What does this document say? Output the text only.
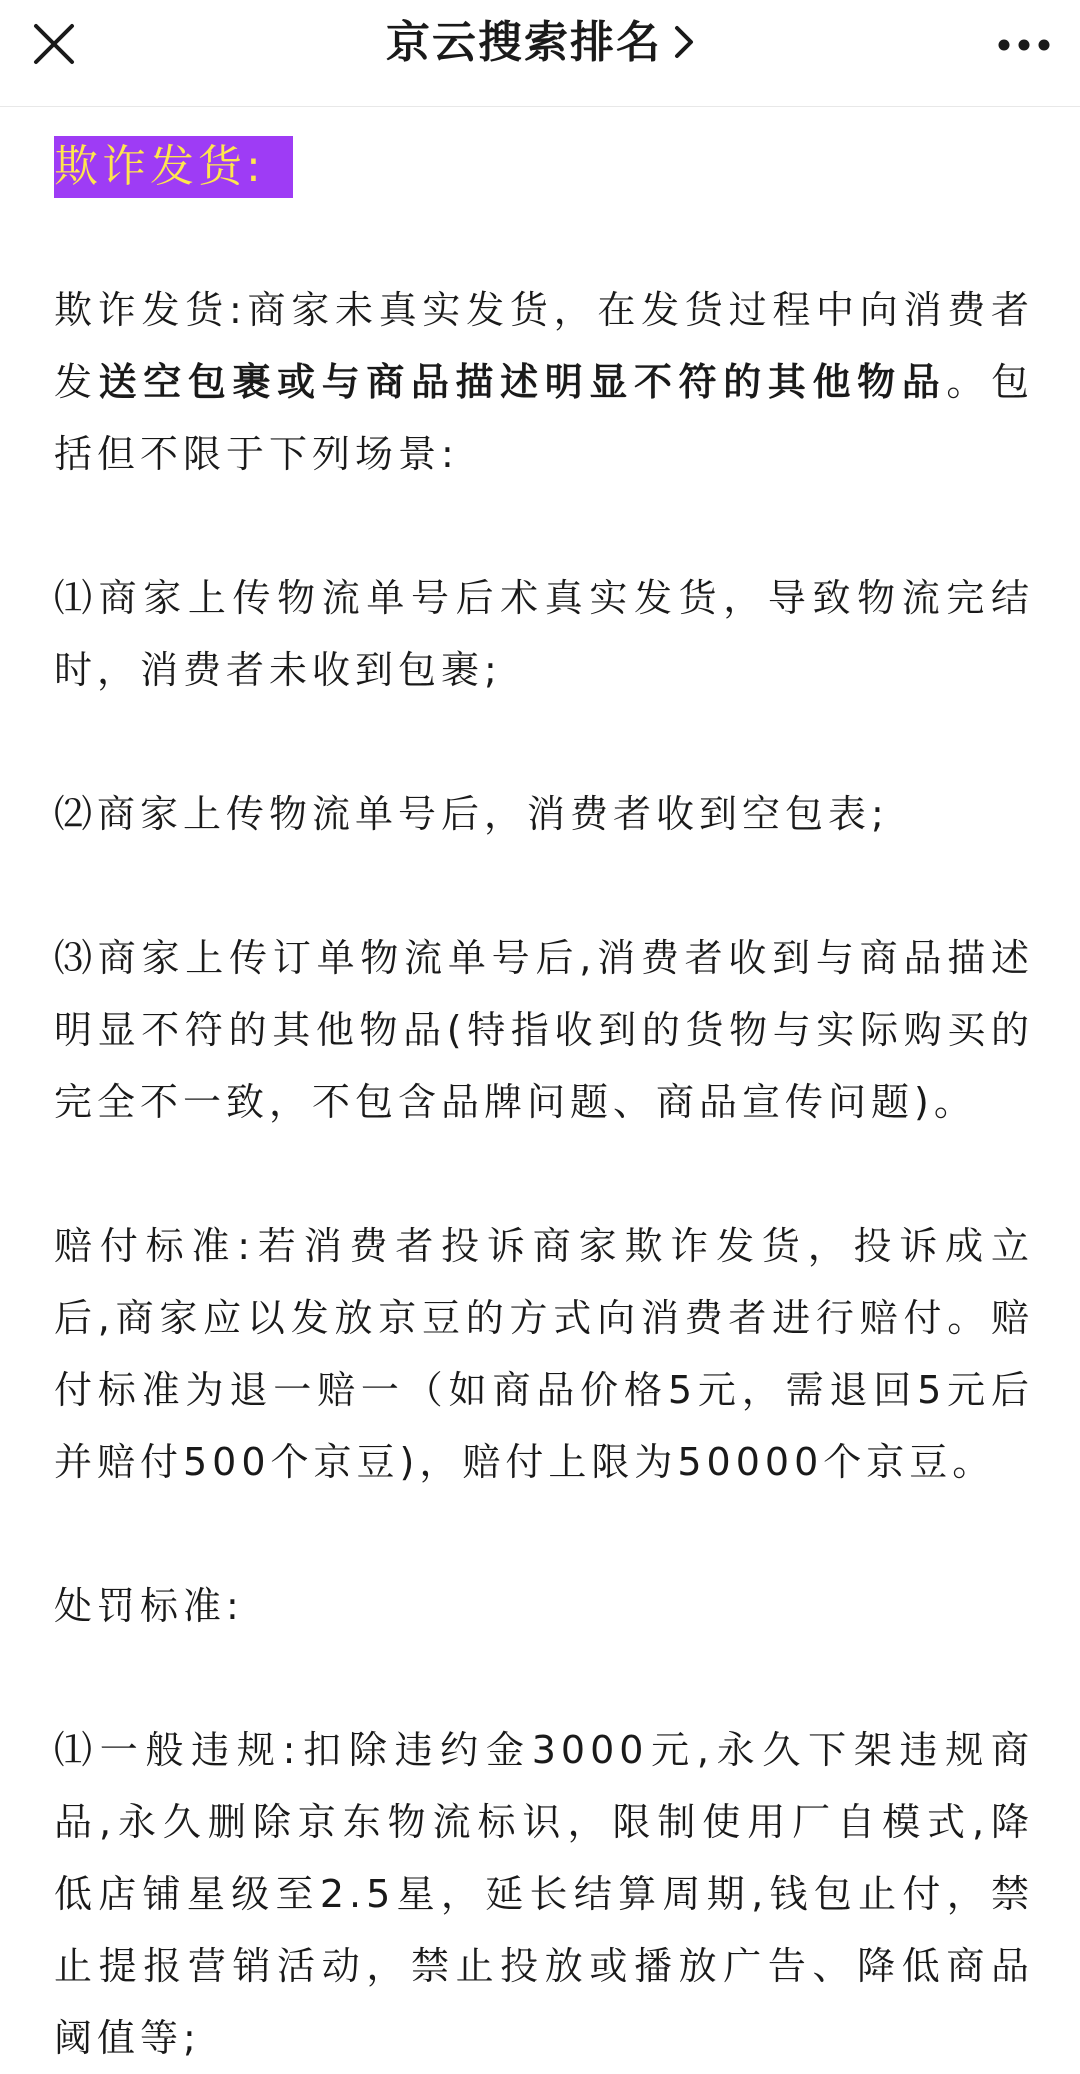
京云搜索排名
欺诈发货:

欺诈发货:商家未真实发货，在发货过程中向消费者发送空包裹或与商品描述明显不符的其他物品。包括但不限于下列场景:

⑴商家上传物流单号后术真实发货，导致物流完结时，消费者未收到包裹;

⑵商家上传物流单号后，消费者收到空包表;

⑶商家上传订单物流单号后,消费者收到与商品描述明显不符的其他物品(特指收到的货物与实际购买的完全不一致，不包含品牌问题、商品宣传问题)。

赔付标准:若消费者投诉商家欺诈发货，投诉成立后,商家应以发放京豆的方式向消费者进行赔付。赔付标准为退一赔一（如商品价格5元，需退回5元后并赔付500个京豆)，赔付上限为50000个京豆。

处罚标准:

⑴一般违规:扣除违约金3000元,永久下架违规商品,永久删除京东物流标识，限制使用厂自模式,降低店铺星级至2.5星，延长结算周期,钱包止付，禁止提报营销活动，禁止投放或播放广告、降低商品阈值等;
